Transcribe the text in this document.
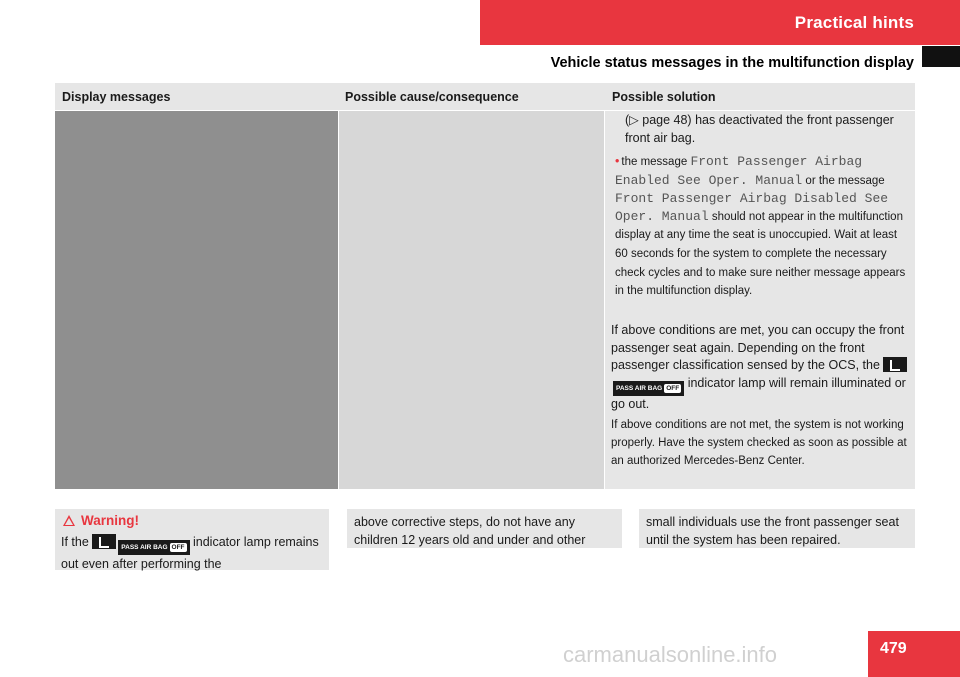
Practical hints
Vehicle status messages in the multifunction display
Display messages	Possible cause/consequence	Possible solution
(▷ page 48) has deactivated the front passenger front air bag.
• the message Front Passenger Airbag Enabled See Oper. Manual or the message Front Passenger Airbag Disabled See Oper. Manual should not appear in the multifunction display at any time the seat is unoccupied. Wait at least 60 seconds for the system to complete the necessary check cycles and to make sure neither message appears in the multifunction display.
If above conditions are met, you can occupy the front passenger seat again. Depending on the front passenger classification sensed by the OCS, the PASS AIR BAG OFF indicator lamp will remain illuminated or go out.
If above conditions are not met, the system is not working properly. Have the system checked as soon as possible at an authorized Mercedes-Benz Center.
Warning!
If the	PASS AIR BAG OFF indicator lamp remains out even after performing the
above corrective steps, do not have any children 12 years old and under and other
small individuals use the front passenger seat until the system has been repaired.
479
carmanualsonline.info
